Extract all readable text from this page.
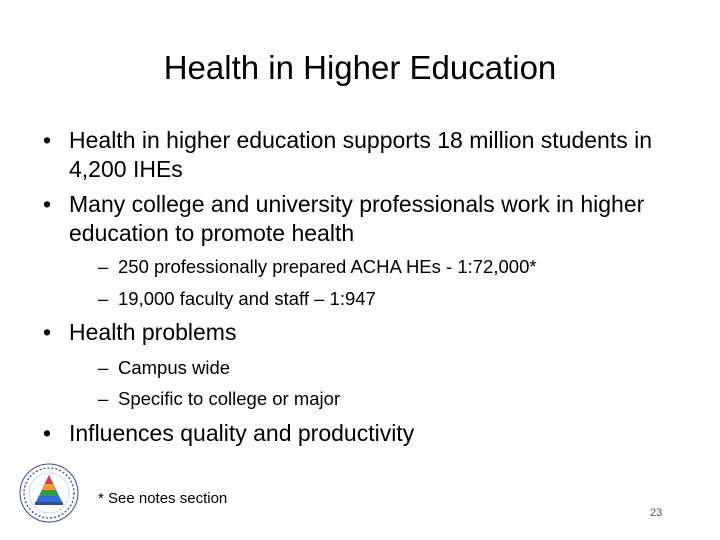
Health in Higher Education
• Health in higher education supports 18 million students in 4,200 IHEs
• Many college and university professionals work in higher education to promote health
– 250 professionally prepared ACHA HEs - 1:72,000*
– 19,000 faculty and staff – 1:947
• Health problems
– Campus wide
– Specific to college or major
• Influences quality and productivity
* See notes section
23
